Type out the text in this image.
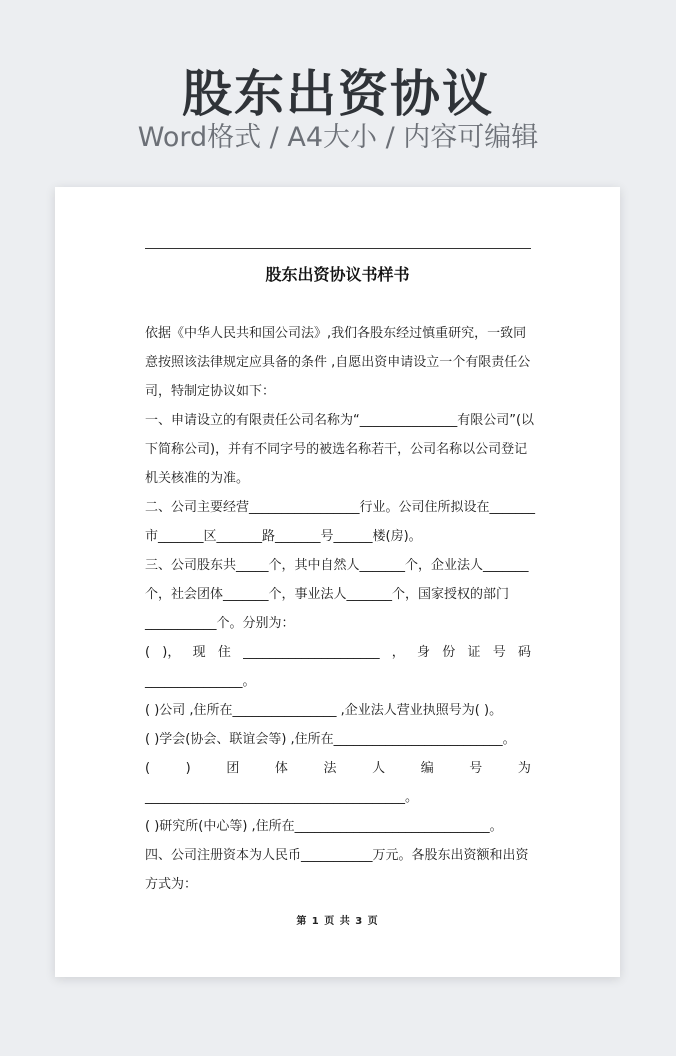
股东出资协议
Word格式 / A4大小 / 内容可编辑
股东出资协议书样书
依据《中华人民共和国公司法》,我们各股东经过慎重研究，一致同
意按照该法律规定应具备的条件 ,自愿出资申请设立一个有限责任公
司，特制定协议如下：
一、申请设立的有限责任公司名称为“_______________有限公司”(以
下简称公司)，并有不同字号的被选名称若干，公司名称以公司登记
机关核准的为准。
二、公司主要经营_________________行业。公司住所拟设在_______
市_______区_______路_______号______楼(房)。
三、公司股东共_____个，其中自然人_______个，企业法人_______
个，社会团体_______个，事业法人_______个，国家授权的部门
___________个。分别为：
( )， 现 住 _____________________ ， 身 份 证 号 码
_______________。
( )公司 ,住所在________________ ,企业法人营业执照号为( )。
( )学会(协会、联谊会等) ,住所在__________________________。
(	)	团	体	法	人	编	号	为
________________________________________。
( )研究所(中心等) ,住所在______________________________。
四、公司注册资本为人民币___________万元。各股东出资额和出资
方式为：
第 1 页 共 3 页
